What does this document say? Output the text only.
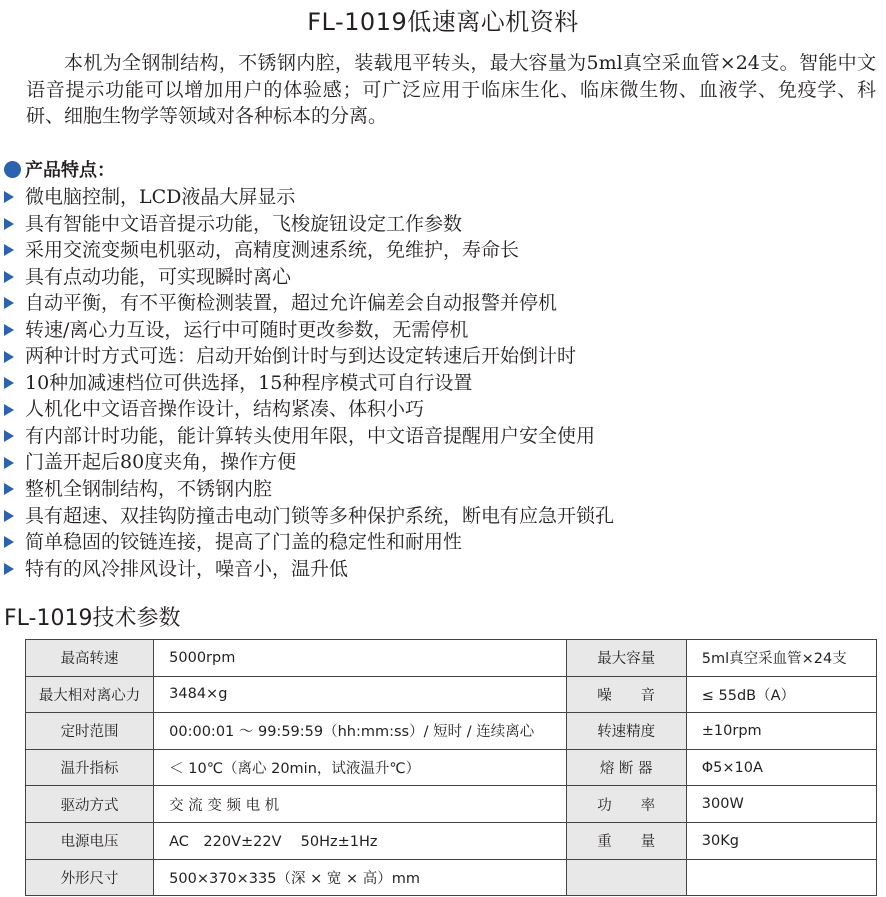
FL-1019低速离心机资料
本机为全钢制结构，不锈钢内腔，装载甩平转头，最大容量为5ml真空采血管×24支。智能中文语音提示功能可以增加用户的体验感；可广泛应用于临床生化、临床微生物、血液学、免疫学、科研、细胞生物学等领域对各种标本的分离。
产品特点：
微电脑控制，LCD液晶大屏显示
具有智能中文语音提示功能，飞梭旋钮设定工作参数
采用交流变频电机驱动，高精度测速系统，免维护，寿命长
具有点动功能，可实现瞬时离心
自动平衡，有不平衡检测装置，超过允许偏差会自动报警并停机
转速/离心力互设，运行中可随时更改参数，无需停机
两种计时方式可选：启动开始倒计时与到达设定转速后开始倒计时
10种加减速档位可供选择，15种程序模式可自行设置
人机化中文语音操作设计，结构紧凑、体积小巧
有内部计时功能，能计算转头使用年限，中文语音提醒用户安全使用
门盖开起后80度夹角，操作方便
整机全钢制结构，不锈钢内腔
具有超速、双挂钩防撞击电动门锁等多种保护系统，断电有应急开锁孔
简单稳固的铰链连接，提高了门盖的稳定性和耐用性
特有的风冷排风设计，噪音小，温升低
FL-1019技术参数
最高转速	5000rpm	最大容量	5ml真空采血管×24支
最大相对离心力	3484×g	噪　　音	≤ 55dB（A）
定时范围	00:00:01 ～ 99:59:59（hh:mm:ss）/ 短时 / 连续离心	转速精度	±10rpm
温升指标	＜ 10℃（离心 20min，试液温升℃）	熔 断 器	Φ5×10A
驱动方式	交 流 变 频 电 机	功　　率	300W
电源电压	AC　220V±22V　 50Hz±1Hz	重　　量	30Kg
外形尺寸	500×370×335（深 × 宽 × 高）mm		
